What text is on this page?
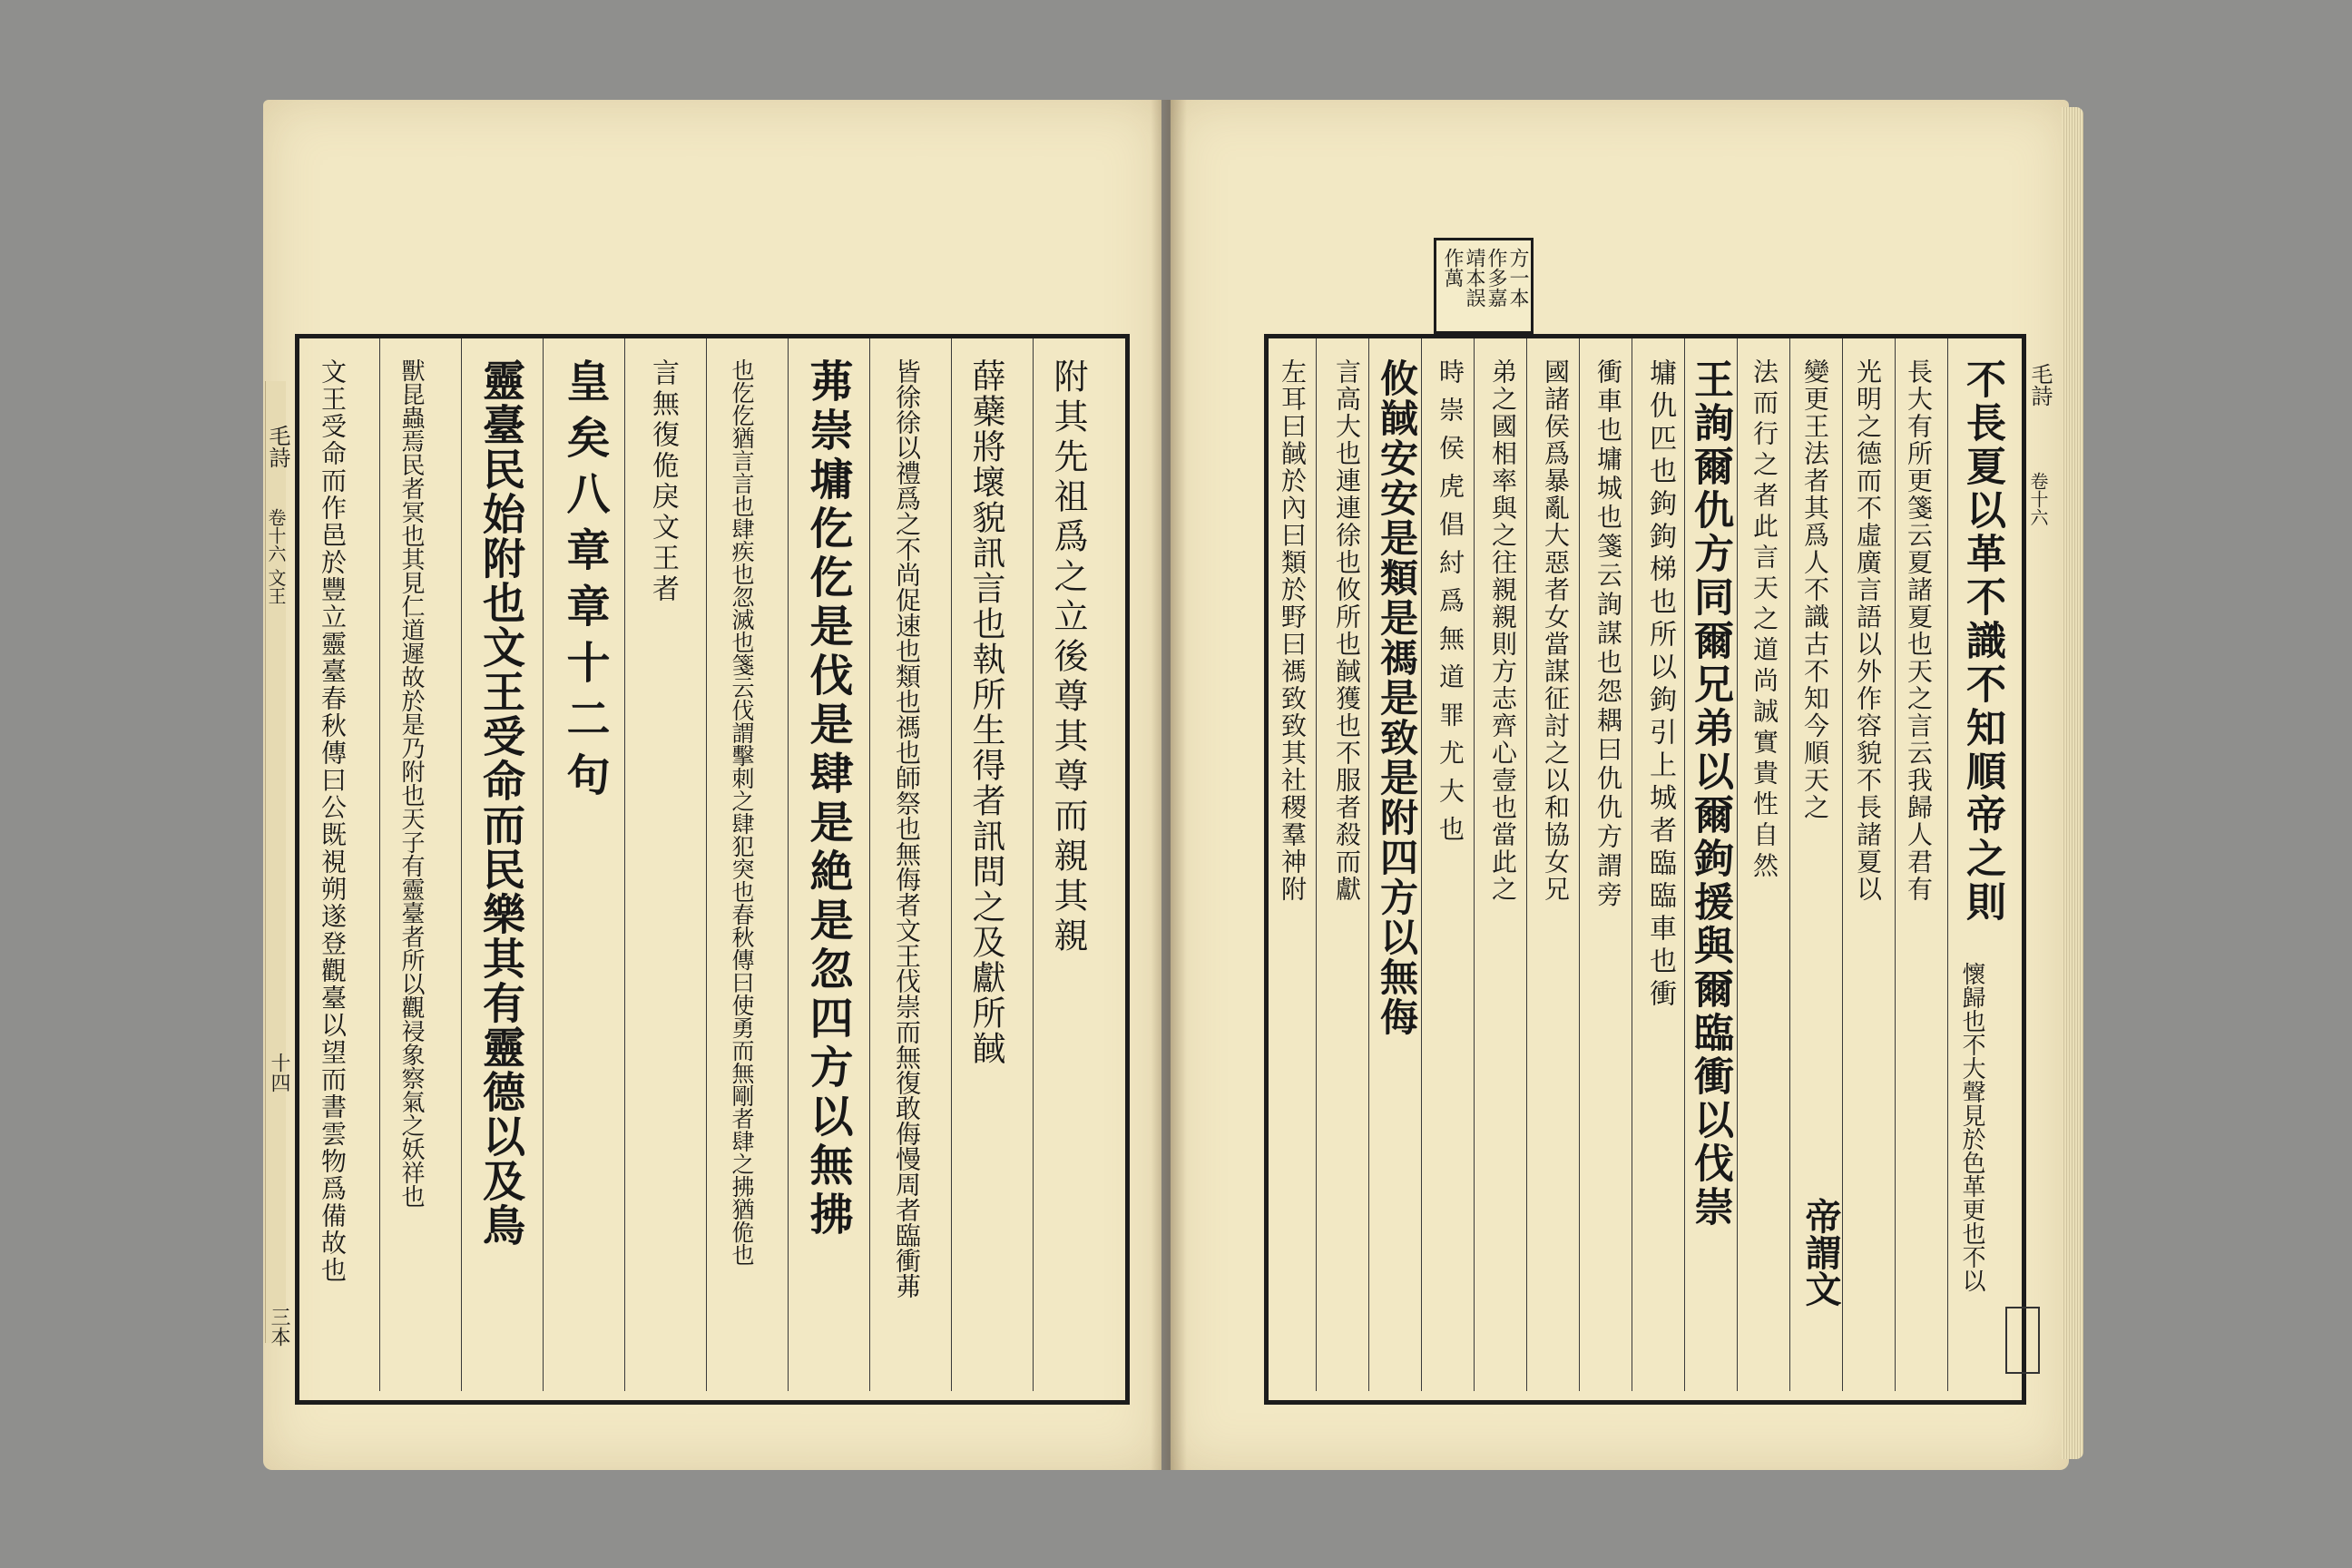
毛詩
卷十六 文王
十四
三本
附其先祖爲之立後尊其尊而親其親
薛蘗將壞貌訊言也執所生得者訊問之及獻所馘
皆徐徐以禮爲之不尚促速也類也禡也師祭也無侮者文王伐崇而無復敢侮慢周者臨衝茀
茀崇墉仡仡是伐是肆是絶是忽四方以無拂
也仡仡猶言言也肆疾也忽滅也箋云伐謂擊刺之肆犯突也春秋傳曰使勇而無剛者肆之拂猶佹也
言無復佹戾文王者
皇矣八章章十二句
靈臺民始附也文王受命而民樂其有靈德以及鳥
獸昆蟲焉民者冥也其見仁道遲故於是乃附也天子有靈臺者所以觀祲象察氣之妖祥也
文王受命而作邑於豐立靈臺春秋傳曰公既視朔遂登觀臺以望而書雲物爲備故也
方一本
作多嘉
靖本誤
作萬
不長夏以革不識不知順帝之則
懷歸也不大聲見於色革更也不以
長大有所更箋云夏諸夏也天之言云我歸人君有
光明之德而不虛廣言語以外作容貌不長諸夏以
變更王法者其爲人不識古不知今順天之
帝謂文
法而行之者此言天之道尚誠實貴性自然
王詢爾仇方同爾兄弟以爾鉤援與爾臨衝以伐崇
墉仇匹也鉤鉤梯也所以鉤引上城者臨臨車也衝
衝車也墉城也箋云詢謀也怨耦曰仇仇方謂旁
國諸侯爲暴亂大惡者女當謀征討之以和協女兄
弟之國相率與之往親親則方志齊心壹也當此之
時崇侯虎倡紂爲無道罪尤大也
攸馘安安是類是禡是致是附四方以無侮
言高大也連連徐也攸所也馘獲也不服者殺而獻
左耳曰馘於內曰類於野曰禡致致其社稷羣神附	毛詩
卷十六
